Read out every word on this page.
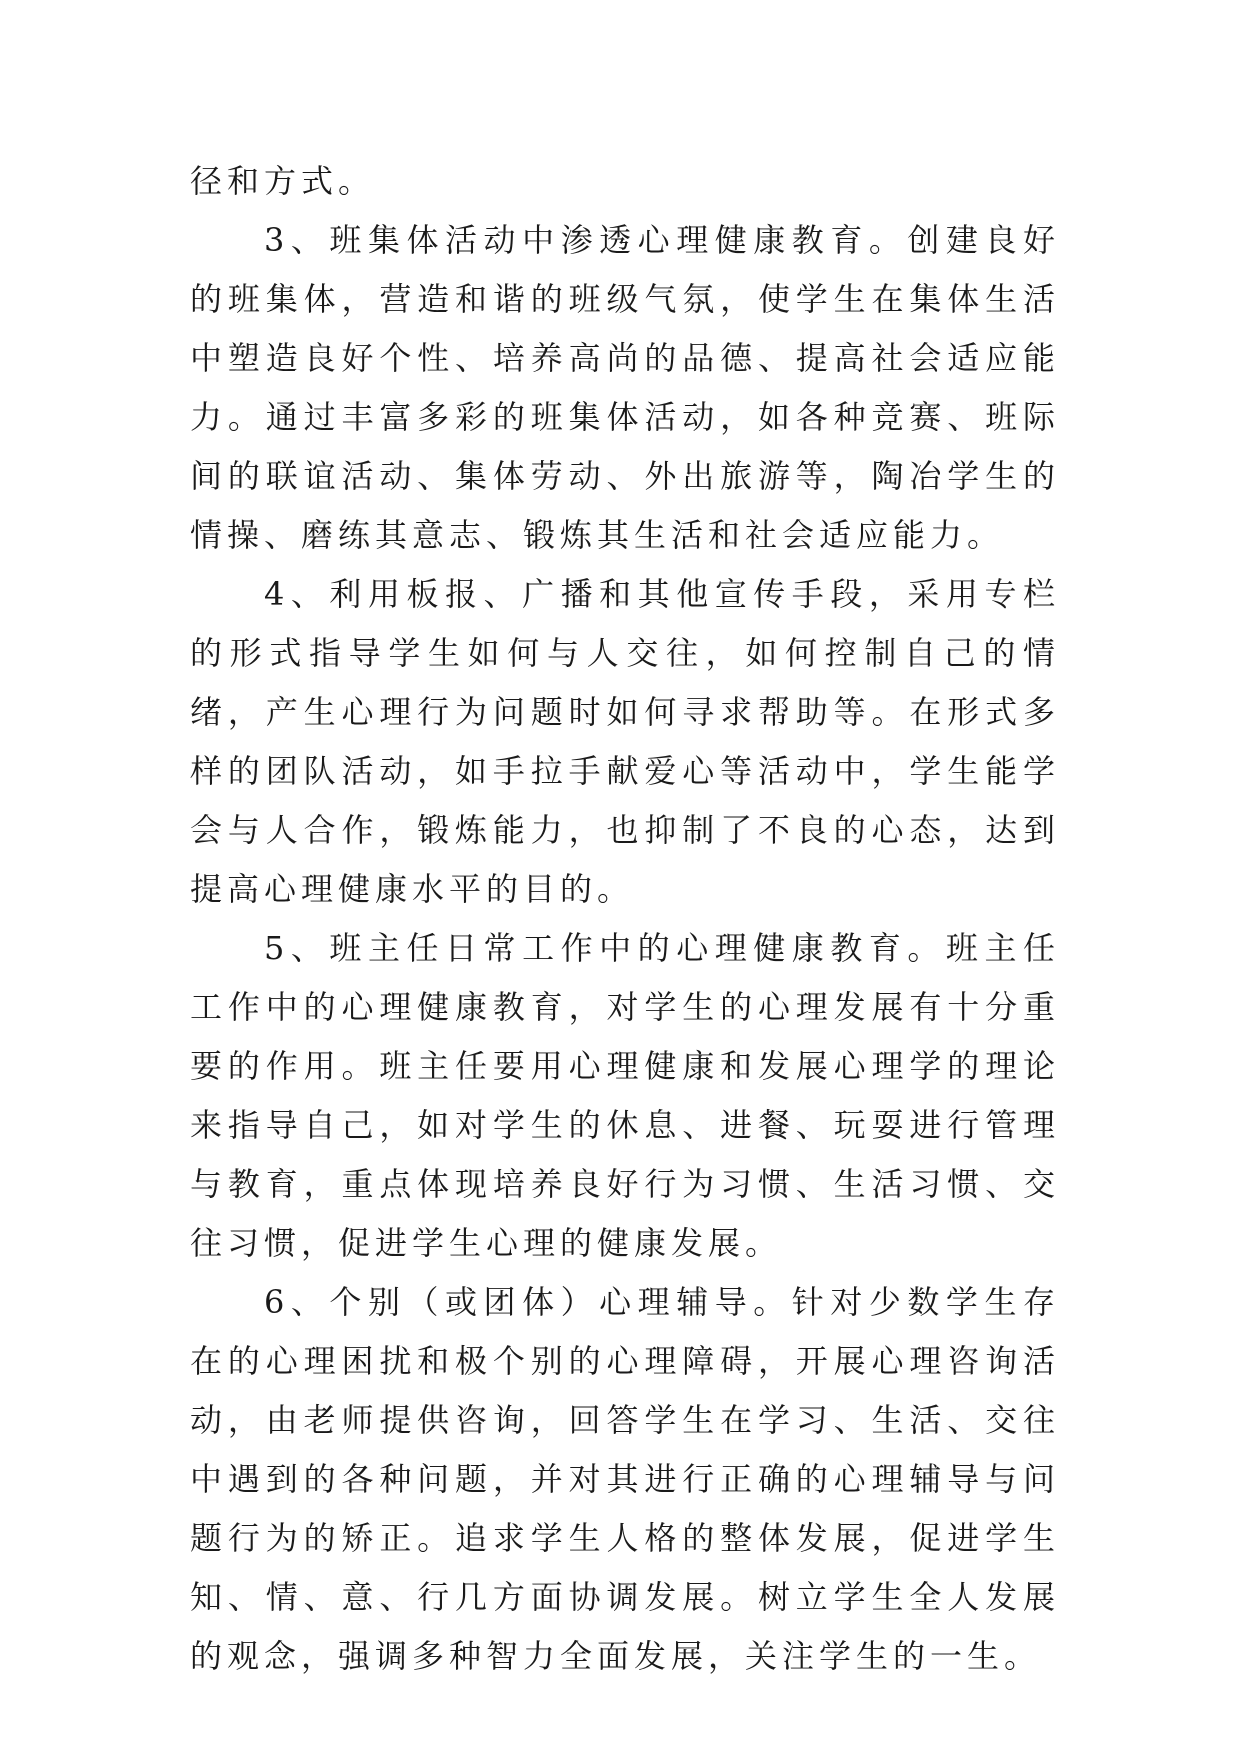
径和方式。

3、班集体活动中渗透心理健康教育。创建良好的班集体，营造和谐的班级气氛，使学生在集体生活中塑造良好个性、培养高尚的品德、提高社会适应能力。通过丰富多彩的班集体活动，如各种竞赛、班际间的联谊活动、集体劳动、外出旅游等，陶冶学生的情操、磨练其意志、锻炼其生活和社会适应能力。

4、利用板报、广播和其他宣传手段，采用专栏的形式指导学生如何与人交往，如何控制自己的情绪，产生心理行为问题时如何寻求帮助等。在形式多样的团队活动，如手拉手献爱心等活动中，学生能学会与人合作，锻炼能力，也抑制了不良的心态，达到提高心理健康水平的目的。

5、班主任日常工作中的心理健康教育。班主任工作中的心理健康教育，对学生的心理发展有十分重要的作用。班主任要用心理健康和发展心理学的理论来指导自己，如对学生的休息、进餐、玩耍进行管理与教育，重点体现培养良好行为习惯、生活习惯、交往习惯，促进学生心理的健康发展。

6、个别（或团体）心理辅导。针对少数学生存在的心理困扰和极个别的心理障碍，开展心理咨询活动，由老师提供咨询，回答学生在学习、生活、交往中遇到的各种问题，并对其进行正确的心理辅导与问题行为的矫正。追求学生人格的整体发展，促进学生知、情、意、行几方面协调发展。树立学生全人发展的观念，强调多种智力全面发展，关注学生的一生。
